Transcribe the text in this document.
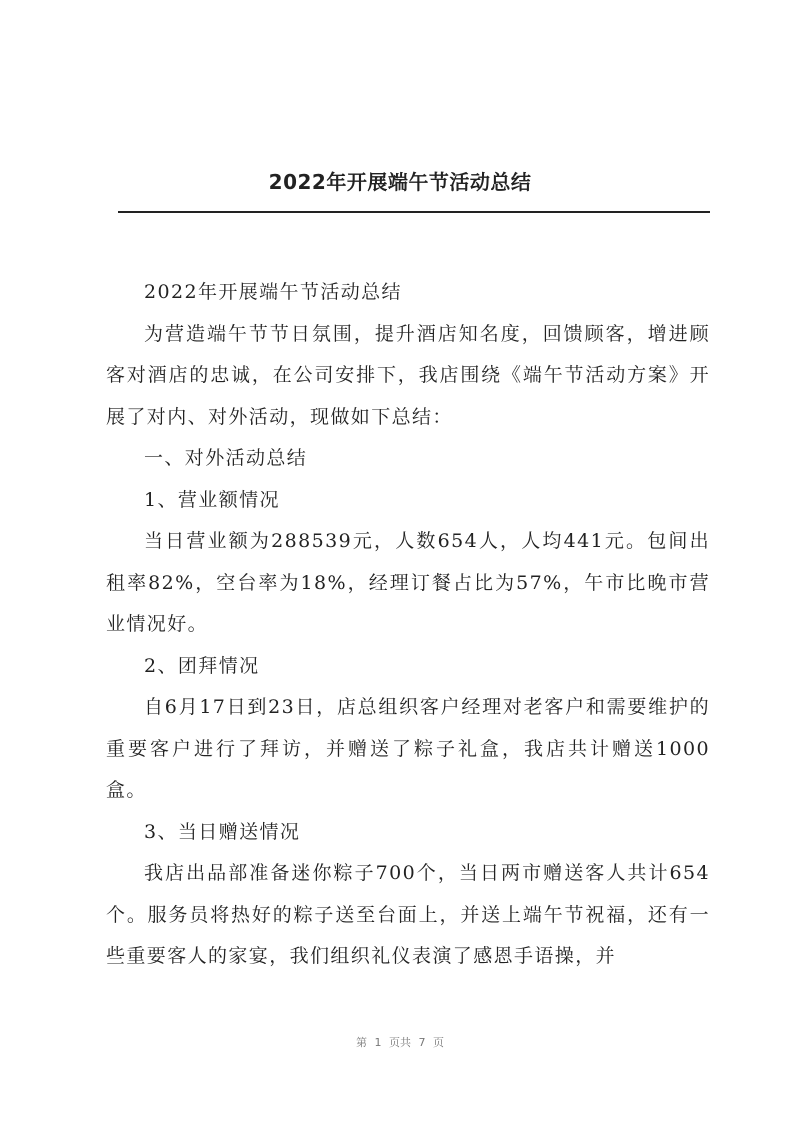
2022年开展端午节活动总结

2022年开展端午节活动总结

为营造端午节节日氛围，提升酒店知名度，回馈顾客，增进顾客对酒店的忠诚，在公司安排下，我店围绕《端午节活动方案》开展了对内、对外活动，现做如下总结：

一、对外活动总结

1、营业额情况

当日营业额为288539元，人数654人，人均441元。包间出租率82%，空台率为18%，经理订餐占比为57%，午市比晚市营业情况好。

2、团拜情况

自6月17日到23日，店总组织客户经理对老客户和需要维护的重要客户进行了拜访，并赠送了粽子礼盒，我店共计赠送1000盒。

3、当日赠送情况

我店出品部准备迷你粽子700个，当日两市赠送客人共计654个。服务员将热好的粽子送至台面上，并送上端午节祝福，还有一些重要客人的家宴，我们组织礼仪表演了感恩手语操，并

第 1 页共 7 页
